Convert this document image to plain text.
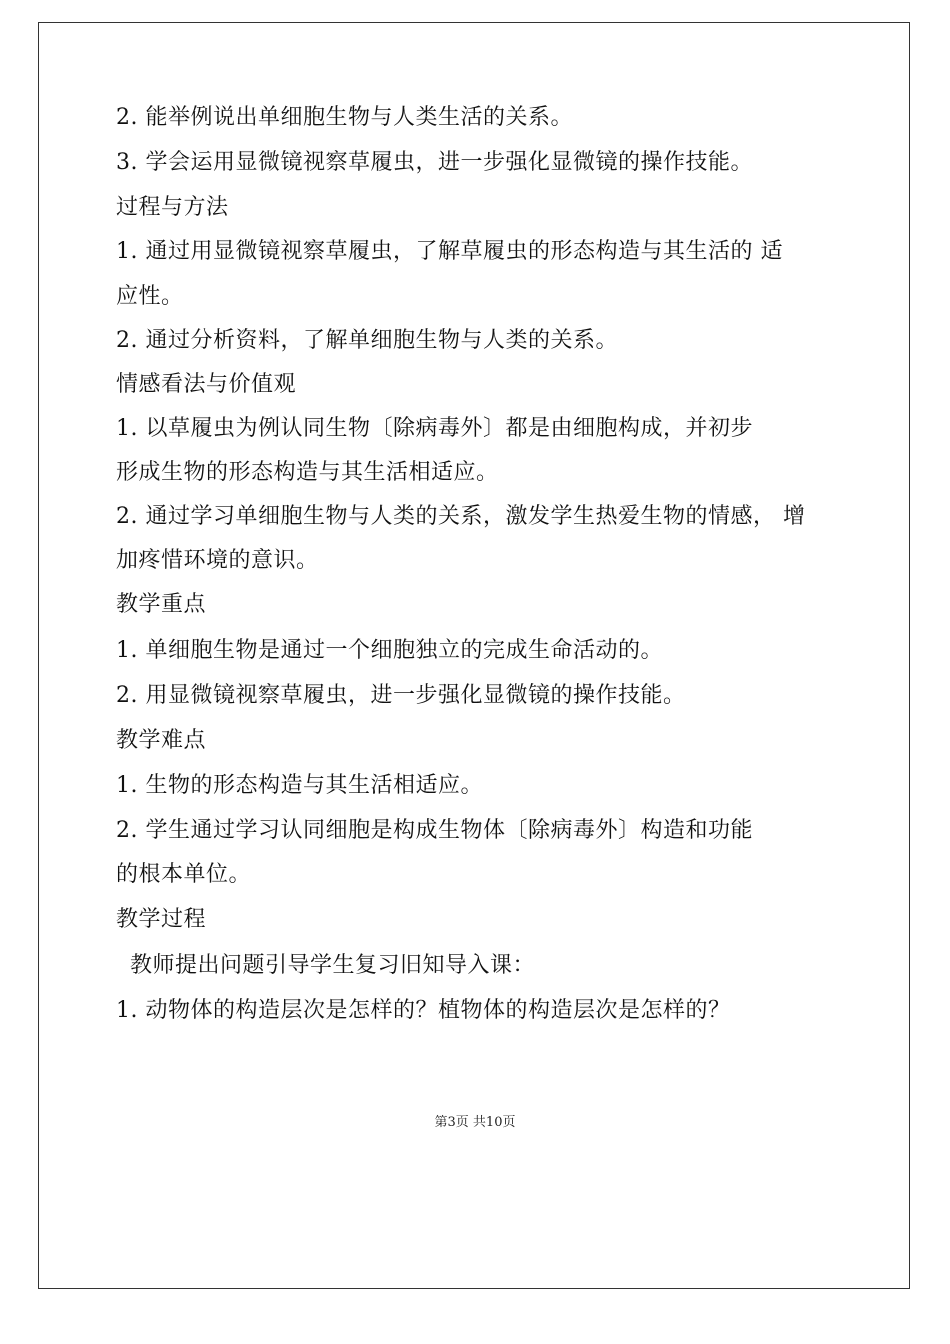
2. 能举例说出单细胞生物与人类生活的关系。
3. 学会运用显微镜视察草履虫，进一步强化显微镜的操作技能。
过程与方法
1. 通过用显微镜视察草履虫，了解草履虫的形态构造与其生活的 适
应性。
2. 通过分析资料，了解单细胞生物与人类的关系。
情感看法与价值观
1. 以草履虫为例认同生物〔除病毒外〕都是由细胞构成，并初步
形成生物的形态构造与其生活相适应。
2. 通过学习单细胞生物与人类的关系，激发学生热爱生物的情感， 增
加疼惜环境的意识。
教学重点
1. 单细胞生物是通过一个细胞独立的完成生命活动的。
2. 用显微镜视察草履虫，进一步强化显微镜的操作技能。
教学难点
1. 生物的形态构造与其生活相适应。
2. 学生通过学习认同细胞是构成生物体〔除病毒外〕构造和功能
的根本单位。
教学过程
教师提出问题引导学生复习旧知导入课：
1. 动物体的构造层次是怎样的？植物体的构造层次是怎样的？
第3页 共10页
